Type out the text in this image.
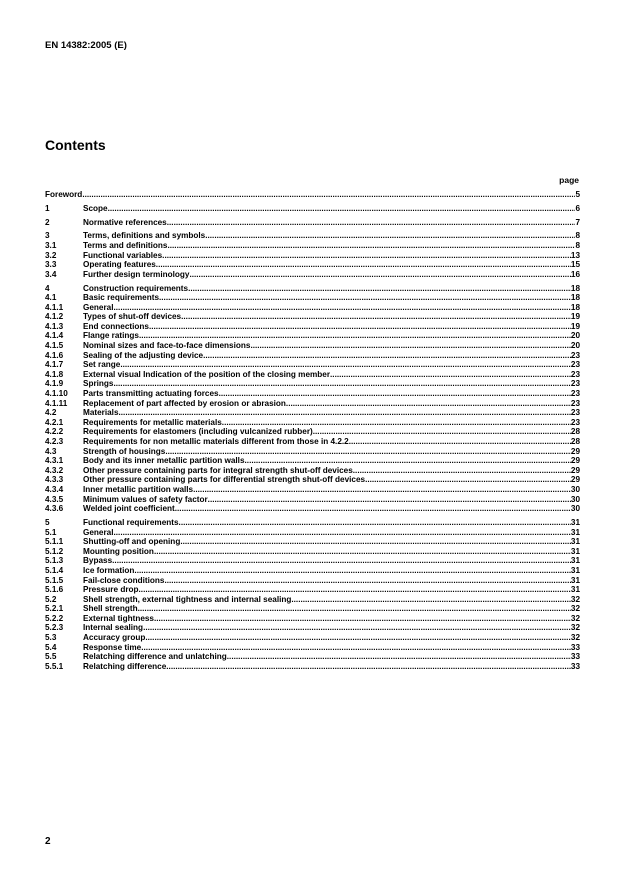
EN 14382:2005 (E)
Contents
page
Foreword .....	5
1	Scope .....	6
2	Normative references .....	7
3	Terms, definitions and symbols .....	8
3.1	Terms and definitions .....	8
3.2	Functional variables .....	13
3.3	Operating features .....	15
3.4	Further design terminology .....	16
4	Construction requirements .....	18
4.1	Basic requirements .....	18
4.1.1 General .....	18
4.1.2 Types of shut-off devices .....	19
4.1.3 End connections .....	19
4.1.4 Flange ratings .....	20
4.1.5 Nominal sizes and face-to-face dimensions .....	20
4.1.6 Sealing of the adjusting device .....	23
4.1.7 Set range .....	23
4.1.8 External visual Indication of the position of the closing member .....	23
4.1.9 Springs .....	23
4.1.10 Parts transmitting actuating forces .....	23
4.1.11 Replacement of part affected by erosion or abrasion .....	23
4.2	Materials .....	23
4.2.1 Requirements for metallic materials .....	23
4.2.2 Requirements for elastomers (including vulcanized rubber) .....	28
4.2.3 Requirements for non metallic materials different from those in 4.2.2 .....	28
4.3	Strength of housings .....	29
4.3.1 Body and its inner metallic partition walls .....	29
4.3.2 Other pressure containing parts for integral strength shut-off devices .....	29
4.3.3 Other pressure containing parts for differential strength shut-off devices .....	29
4.3.4 Inner metallic partition walls .....	30
4.3.5 Minimum values of safety factor .....	30
4.3.6 Welded joint coefficient .....	30
5	Functional requirements .....	31
5.1	General .....	31
5.1.1 Shutting-off and opening .....	31
5.1.2 Mounting position .....	31
5.1.3 Bypass .....	31
5.1.4 Ice formation .....	31
5.1.5 Fail-close conditions .....	31
5.1.6 Pressure drop .....	31
5.2	Shell strength, external tightness and internal sealing .....	32
5.2.1 Shell strength .....	32
5.2.2 External tightness .....	32
5.2.3 Internal sealing .....	32
5.3	Accuracy group .....	32
5.4	Response time .....	33
5.5	Relatching difference and unlatching .....	33
5.5.1 Relatching difference .....	33
2
